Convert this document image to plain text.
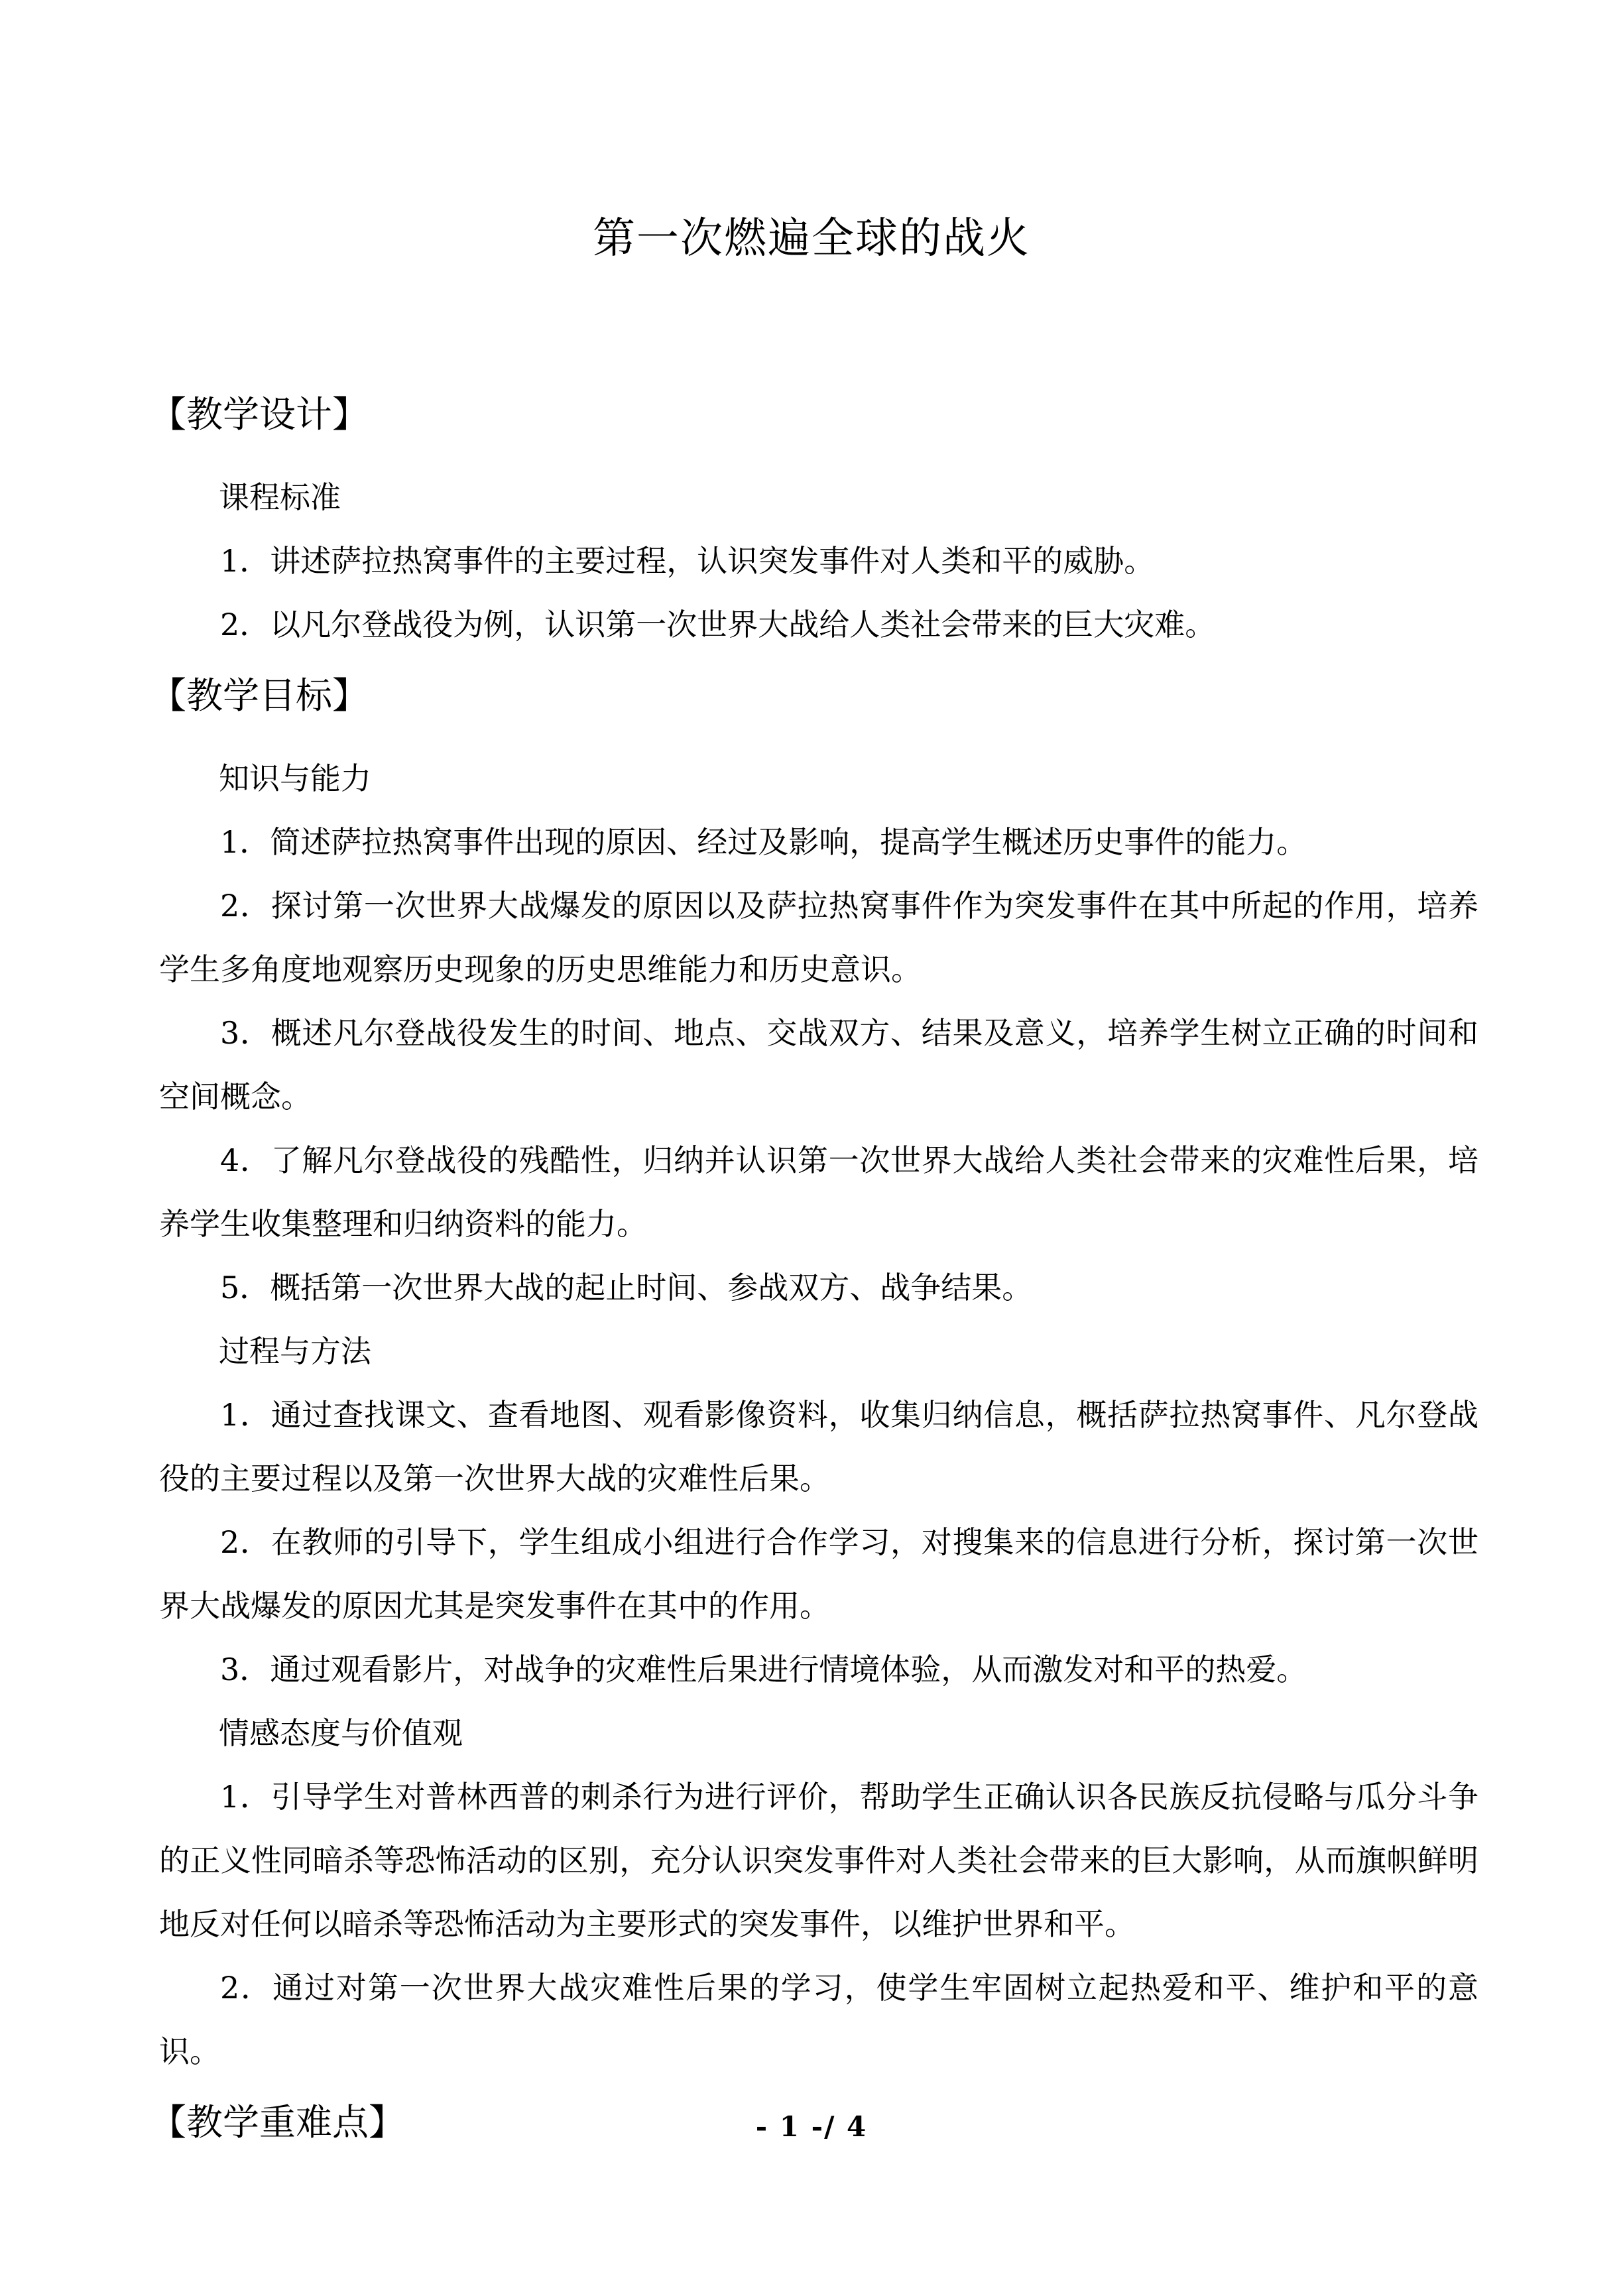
第一次燃遍全球的战火
【教学设计】
课程标准

1．讲述萨拉热窝事件的主要过程，认识突发事件对人类和平的威胁。

2．以凡尔登战役为例，认识第一次世界大战给人类社会带来的巨大灾难。

【教学目标】
知识与能力

1．简述萨拉热窝事件出现的原因、经过及影响，提高学生概述历史事件的能力。

2．探讨第一次世界大战爆发的原因以及萨拉热窝事件作为突发事件在其中所起的作用，培养学生多角度地观察历史现象的历史思维能力和历史意识。

3．概述凡尔登战役发生的时间、地点、交战双方、结果及意义，培养学生树立正确的时间和空间概念。

4．了解凡尔登战役的残酷性，归纳并认识第一次世界大战给人类社会带来的灾难性后果，培养学生收集整理和归纳资料的能力。

5．概括第一次世界大战的起止时间、参战双方、战争结果。

过程与方法

1．通过查找课文、查看地图、观看影像资料，收集归纳信息，概括萨拉热窝事件、凡尔登战役的主要过程以及第一次世界大战的灾难性后果。

2．在教师的引导下，学生组成小组进行合作学习，对搜集来的信息进行分析，探讨第一次世界大战爆发的原因尤其是突发事件在其中的作用。

3．通过观看影片，对战争的灾难性后果进行情境体验，从而激发对和平的热爱。

情感态度与价值观

1．引导学生对普林西普的刺杀行为进行评价，帮助学生正确认识各民族反抗侵略与瓜分斗争的正义性同暗杀等恐怖活动的区别，充分认识突发事件对人类社会带来的巨大影响，从而旗帜鲜明地反对任何以暗杀等恐怖活动为主要形式的突发事件，以维护世界和平。

2．通过对第一次世界大战灾难性后果的学习，使学生牢固树立起热爱和平、维护和平的意识。

【教学重难点】	- 1 -/ 4
